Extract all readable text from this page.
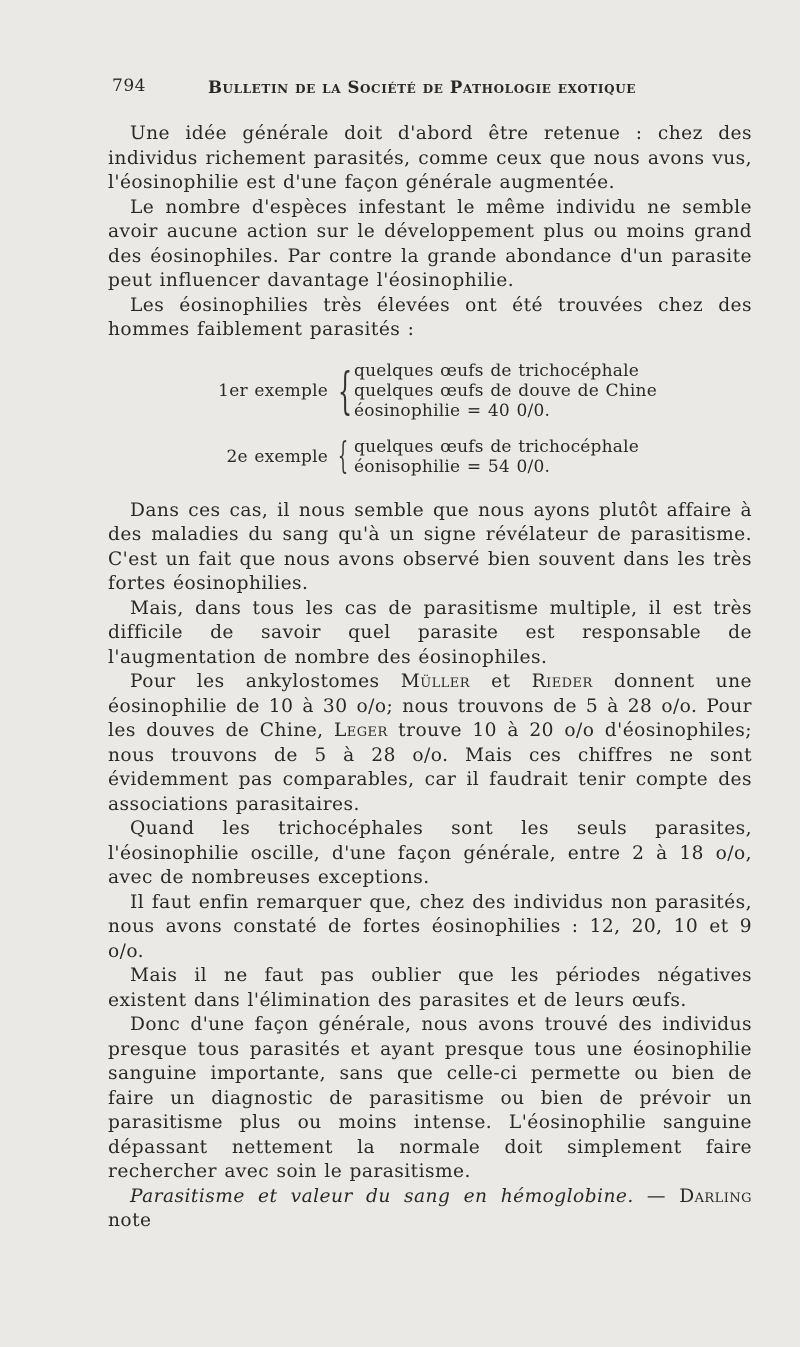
794	Bulletin de la Société de Pathologie exotique

Une idée générale doit d'abord être retenue : chez des individus richement parasités, comme ceux que nous avons vus, l'éosinophilie est d'une façon générale augmentée.

Le nombre d'espèces infestant le même individu ne semble avoir aucune action sur le développement plus ou moins grand des éosinophiles. Par contre la grande abondance d'un parasite peut influencer davantage l'éosinophilie.

Les éosinophilies très élevées ont été trouvées chez des hommes faiblement parasités :

1er exemple { quelques œufs de trichocéphale
quelques œufs de douve de Chine
éosinophilie = 40 0/0.
2e exemple { quelques œufs de trichocéphale
éonisophilie = 54 0/0.

Dans ces cas, il nous semble que nous ayons plutôt affaire à des maladies du sang qu'à un signe révélateur de parasitisme. C'est un fait que nous avons observé bien souvent dans les très fortes éosinophilies.

Mais, dans tous les cas de parasitisme multiple, il est très difficile de savoir quel parasite est responsable de l'augmentation de nombre des éosinophiles.

Pour les ankylostomes Müller et Rieder donnent une éosinophilie de 10 à 30 o/o; nous trouvons de 5 à 28 o/o. Pour les douves de Chine, Leger trouve 10 à 20 o/o d'éosinophiles; nous trouvons de 5 à 28 o/o. Mais ces chiffres ne sont évidemment pas comparables, car il faudrait tenir compte des associations parasitaires.

Quand les trichocéphales sont les seuls parasites, l'éosinophilie oscille, d'une façon générale, entre 2 à 18 o/o, avec de nombreuses exceptions.

Il faut enfin remarquer que, chez des individus non parasités, nous avons constaté de fortes éosinophilies : 12, 20, 10 et 9 o/o.

Mais il ne faut pas oublier que les périodes négatives existent dans l'élimination des parasites et de leurs œufs.

Donc d'une façon générale, nous avons trouvé des individus presque tous parasités et ayant presque tous une éosinophilie sanguine importante, sans que celle-ci permette ou bien de faire un diagnostic de parasitisme ou bien de prévoir un parasitisme plus ou moins intense. L'éosinophilie sanguine dépassant nettement la normale doit simplement faire rechercher avec soin le parasitisme.

Parasitisme et valeur du sang en hémoglobine. — Darling note
